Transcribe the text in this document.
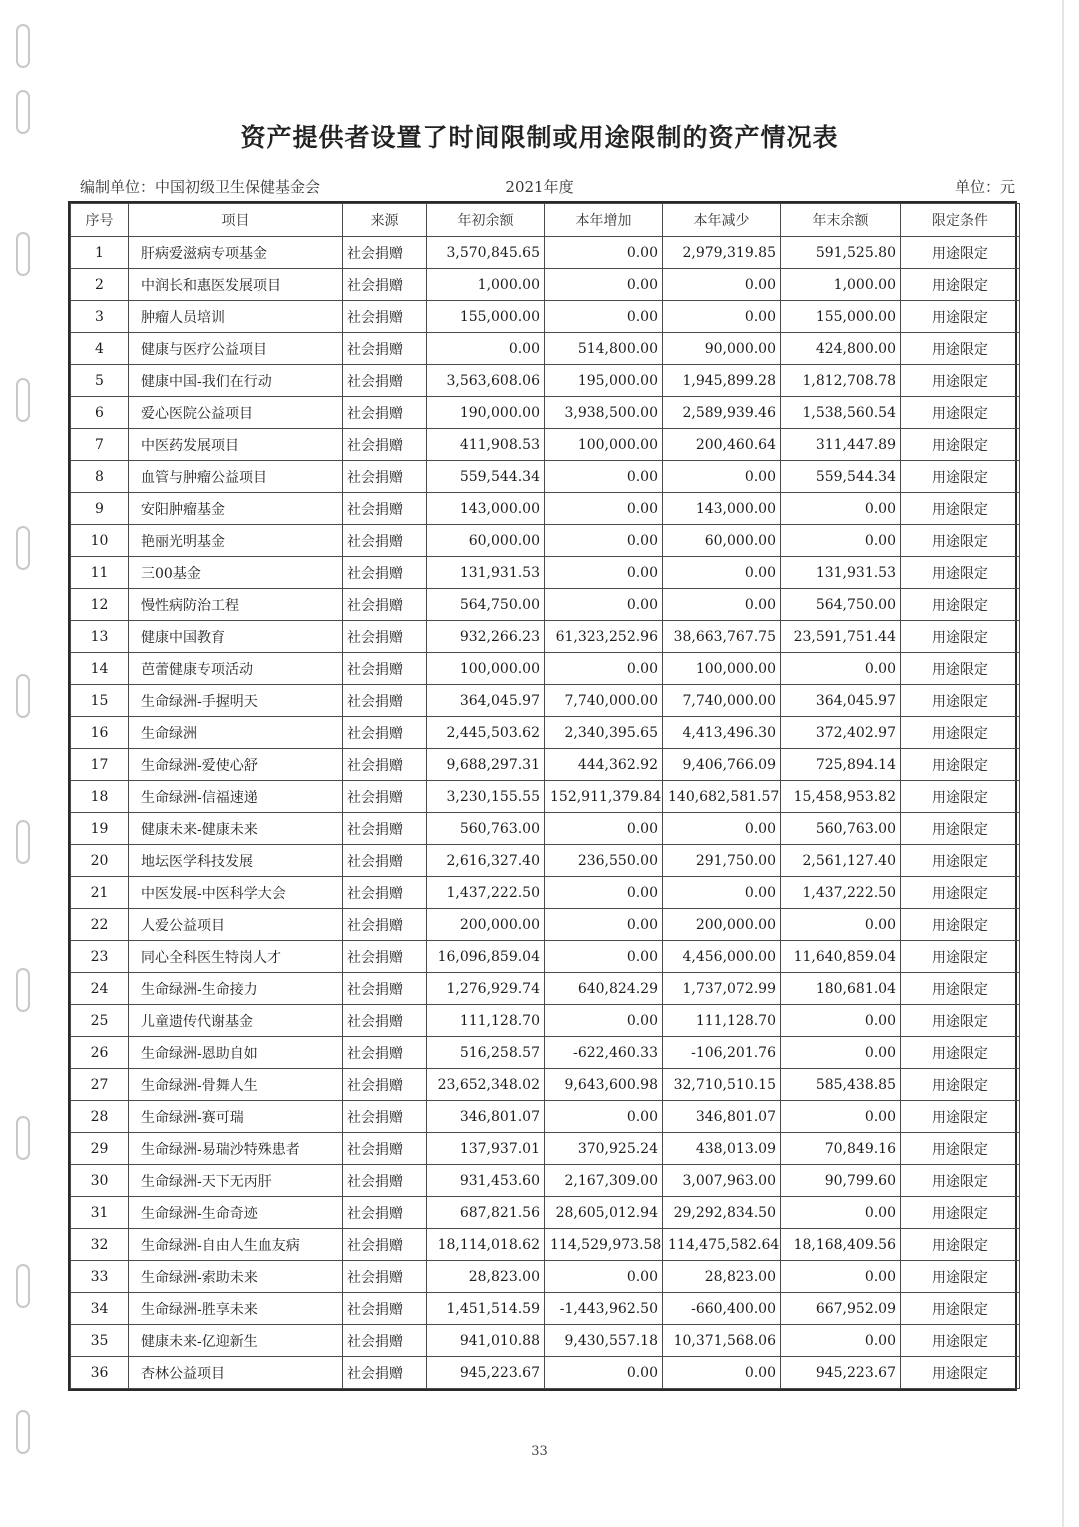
资产提供者设置了时间限制或用途限制的资产情况表
编制单位：中国初级卫生保健基金会	2021年度	单位：元
序号	项目	来源	年初余额	本年增加	本年减少	年末余额	限定条件
1	肝病爱滋病专项基金	社会捐赠	3,570,845.65	0.00	2,979,319.85	591,525.80	用途限定
2	中润长和惠医发展项目	社会捐赠	1,000.00	0.00	0.00	1,000.00	用途限定
3	肿瘤人员培训	社会捐赠	155,000.00	0.00	0.00	155,000.00	用途限定
4	健康与医疗公益项目	社会捐赠	0.00	514,800.00	90,000.00	424,800.00	用途限定
5	健康中国-我们在行动	社会捐赠	3,563,608.06	195,000.00	1,945,899.28	1,812,708.78	用途限定
6	爱心医院公益项目	社会捐赠	190,000.00	3,938,500.00	2,589,939.46	1,538,560.54	用途限定
7	中医药发展项目	社会捐赠	411,908.53	100,000.00	200,460.64	311,447.89	用途限定
8	血管与肿瘤公益项目	社会捐赠	559,544.34	0.00	0.00	559,544.34	用途限定
9	安阳肿瘤基金	社会捐赠	143,000.00	0.00	143,000.00	0.00	用途限定
10	艳丽光明基金	社会捐赠	60,000.00	0.00	60,000.00	0.00	用途限定
11	三00基金	社会捐赠	131,931.53	0.00	0.00	131,931.53	用途限定
12	慢性病防治工程	社会捐赠	564,750.00	0.00	0.00	564,750.00	用途限定
13	健康中国教育	社会捐赠	932,266.23	61,323,252.96	38,663,767.75	23,591,751.44	用途限定
14	芭蕾健康专项活动	社会捐赠	100,000.00	0.00	100,000.00	0.00	用途限定
15	生命绿洲-手握明天	社会捐赠	364,045.97	7,740,000.00	7,740,000.00	364,045.97	用途限定
16	生命绿洲	社会捐赠	2,445,503.62	2,340,395.65	4,413,496.30	372,402.97	用途限定
17	生命绿洲-爱使心舒	社会捐赠	9,688,297.31	444,362.92	9,406,766.09	725,894.14	用途限定
18	生命绿洲-信福速递	社会捐赠	3,230,155.55	152,911,379.84	140,682,581.57	15,458,953.82	用途限定
19	健康未来-健康未来	社会捐赠	560,763.00	0.00	0.00	560,763.00	用途限定
20	地坛医学科技发展	社会捐赠	2,616,327.40	236,550.00	291,750.00	2,561,127.40	用途限定
21	中医发展-中医科学大会	社会捐赠	1,437,222.50	0.00	0.00	1,437,222.50	用途限定
22	人爱公益项目	社会捐赠	200,000.00	0.00	200,000.00	0.00	用途限定
23	同心全科医生特岗人才	社会捐赠	16,096,859.04	0.00	4,456,000.00	11,640,859.04	用途限定
24	生命绿洲-生命接力	社会捐赠	1,276,929.74	640,824.29	1,737,072.99	180,681.04	用途限定
25	儿童遗传代谢基金	社会捐赠	111,128.70	0.00	111,128.70	0.00	用途限定
26	生命绿洲-恩助自如	社会捐赠	516,258.57	-622,460.33	-106,201.76	0.00	用途限定
27	生命绿洲-骨舞人生	社会捐赠	23,652,348.02	9,643,600.98	32,710,510.15	585,438.85	用途限定
28	生命绿洲-赛可瑞	社会捐赠	346,801.07	0.00	346,801.07	0.00	用途限定
29	生命绿洲-易瑞沙特殊患者	社会捐赠	137,937.01	370,925.24	438,013.09	70,849.16	用途限定
30	生命绿洲-天下无丙肝	社会捐赠	931,453.60	2,167,309.00	3,007,963.00	90,799.60	用途限定
31	生命绿洲-生命奇迹	社会捐赠	687,821.56	28,605,012.94	29,292,834.50	0.00	用途限定
32	生命绿洲-自由人生血友病	社会捐赠	18,114,018.62	114,529,973.58	114,475,582.64	18,168,409.56	用途限定
33	生命绿洲-索助未来	社会捐赠	28,823.00	0.00	28,823.00	0.00	用途限定
34	生命绿洲-胜享未来	社会捐赠	1,451,514.59	-1,443,962.50	-660,400.00	667,952.09	用途限定
35	健康未来-亿迎新生	社会捐赠	941,010.88	9,430,557.18	10,371,568.06	0.00	用途限定
36	杏林公益项目	社会捐赠	945,223.67	0.00	0.00	945,223.67	用途限定
33
